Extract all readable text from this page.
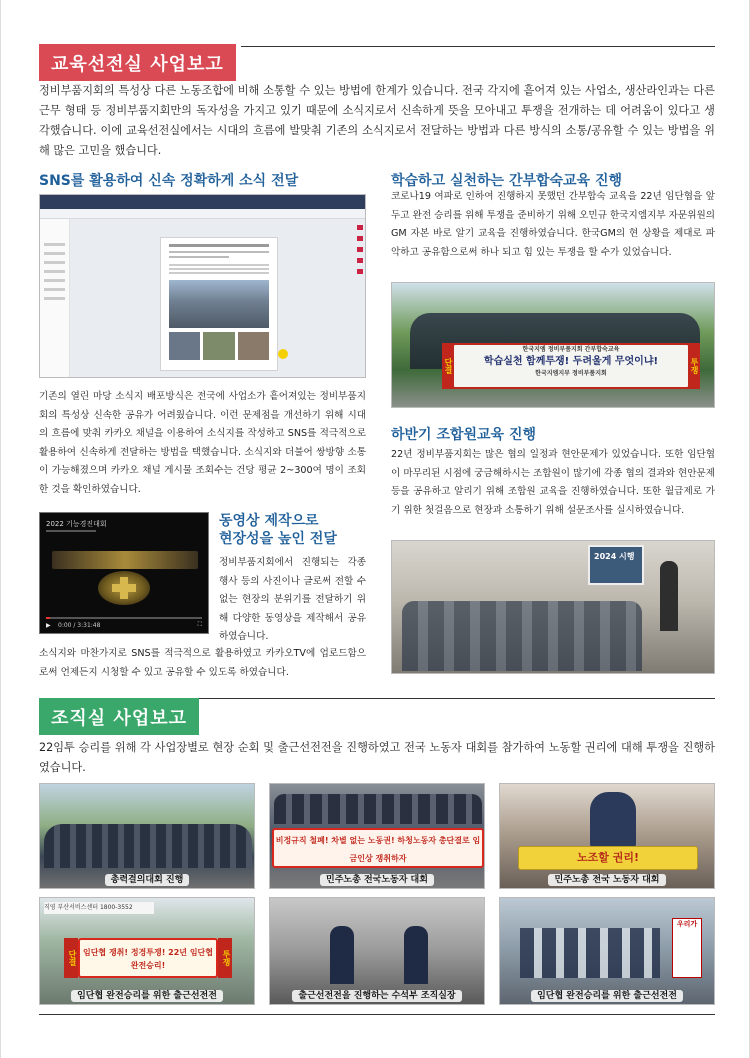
교육선전실 사업보고
정비부품지회의 특성상 다른 노동조합에 비해 소통할 수 있는 방법에 한계가 있습니다. 전국 각지에 흩어져 있는 사업소, 생산라인과는 다른 근무 형태 등 정비부품지회만의 독자성을 가지고 있기 때문에 소식지로서 신속하게 뜻을 모아내고 투쟁을 전개하는 데 어려움이 있다고 생각했습니다. 이에 교육선전실에서는 시대의 흐름에 발맞춰 기존의 소식지로서 전달하는 방법과 다른 방식의 소통/공유할 수 있는 방법을 위해 많은 고민을 했습니다.
SNS를 활용하여 신속 정확하게 소식 전달
기존의 열린 마당 소식지 배포방식은 전국에 사업소가 흩어져있는 정비부품지회의 특성상 신속한 공유가 어려웠습니다. 이런 문제점을 개선하기 위해 시대의 흐름에 맞춰 카카오 채널을 이용하여 소식지를 작성하고 SNS를 적극적으로 활용하여 신속하게 전달하는 방법을 택했습니다. 소식지와 더불어 쌍방향 소통이 가능해졌으며 카카오 채널 게시물 조회수는 건당 평균 2~300여 명이 조회한 것을 확인하였습니다.
2022 기능경진대회
▶ 0:00 / 3:31:48	⛶
동영상 제작으로
현장성을 높인 전달
정비부품지회에서 진행되는 각종 행사 등의 사진이나 글로써 전할 수 없는 현장의 분위기를 전달하기 위해 다양한 동영상을 제작해서 공유하였습니다.
소식지와 마찬가지로 SNS를 적극적으로 활용하였고 카카오TV에 업로드함으로써 언제든지 시청할 수 있고 공유할 수 있도록 하였습니다.
학습하고 실천하는 간부합숙교육 진행
코로나19 여파로 인하여 진행하지 못했던 간부합숙 교육을 22년 임단협을 앞두고 완전 승리를 위해 투쟁을 준비하기 위해 오민규 한국지엠지부 자문위원의 GM 자본 바로 알기 교육을 진행하였습니다. 한국GM의 현 상황을 제대로 파악하고 공유함으로써 하나 되고 힘 있는 투쟁을 할 수가 있었습니다.
한국지엠 정비부품지회 간부합숙교육
학습실천 함께투쟁! 두려울게 무엇이냐!
한국지엠지부 정비부품지회
단결	투쟁
하반기 조합원교육 진행
22년 정비부품지회는 많은 협의 일정과 현안문제가 있었습니다. 또한 임단협이 마무리된 시점에 궁금해하시는 조합원이 많기에 각종 협의 결과와 현안문제등을 공유하고 알리기 위해 조합원 교육을 진행하였습니다. 또한 월급제로 가기 위한 첫걸음으로 현장과 소통하기 위해 설문조사를 실시하였습니다.
2024 시행
조직실 사업보고
22임투 승리를 위해 각 사업장별로 현장 순회 및 출근선전전을 진행하였고 전국 노동자 대회를 참가하여 노동할 권리에 대해 투쟁을 진행하였습니다.
총력결의대회 진행
비정규직 철폐! 차별 없는 노동권! 하청노동자 총단결로 임금인상 쟁취하자
민주노총 전국노동자 대회
노조할 권리!
민주노총 전국 노동자 대회
직영 부산서비스센터 1800-3552
임단협 쟁취! 정경투쟁! 22년 임단협 완전승리!
단결	투쟁
임단협 완전승리를 위한 출근선전전	출근선전전을 진행하는 수석부 조직실장
우리가
임단협 완전승리를 위한 출근선전전
